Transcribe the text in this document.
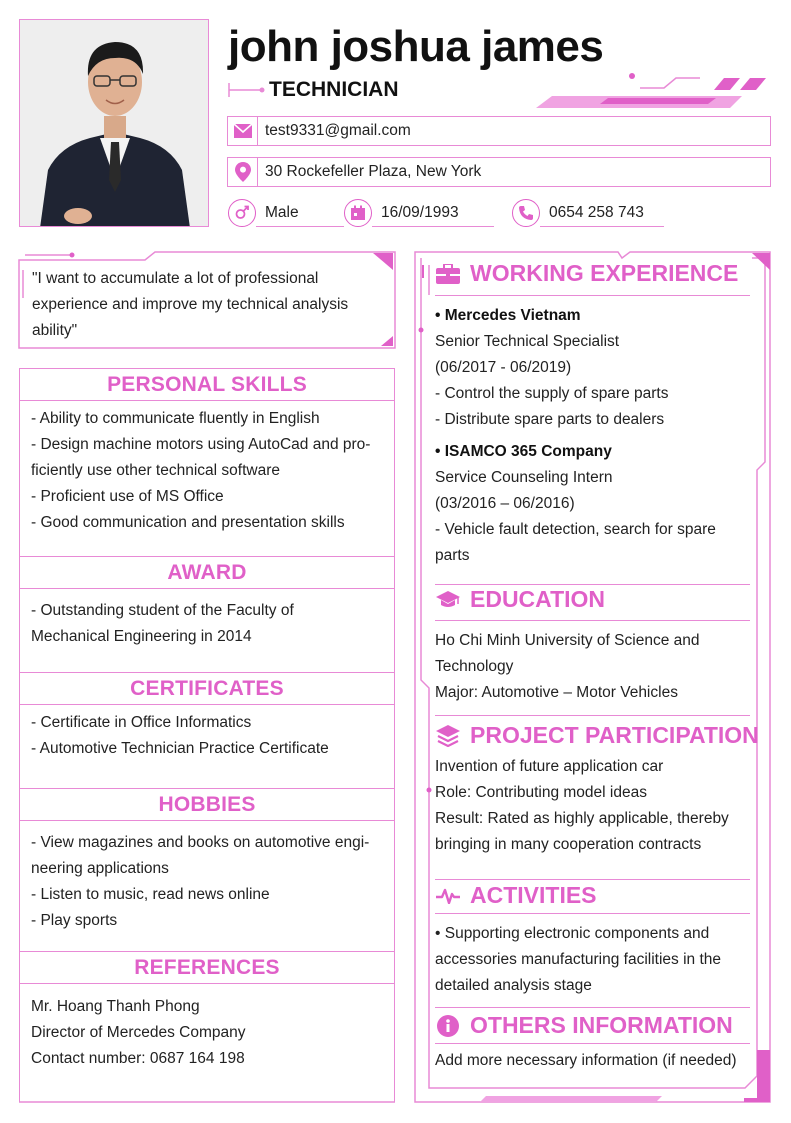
john joshua james
TECHNICIAN
test9331@gmail.com
30 Rockefeller Plaza, New York
Male	16/09/1993	0654 258 743

"I want to accumulate a lot of professional

experience and improve my technical analysis

ability"

PERSONAL SKILLS

- Ability to communicate fluently in English

- Design machine motors using AutoCad and pro-

ficiently use other technical software

- Proficient use of MS Office

- Good communication and presentation skills

AWARD

- Outstanding student of the Faculty of

Mechanical Engineering in 2014

CERTIFICATES

- Certificate in Office Informatics

- Automotive Technician Practice Certificate

HOBBIES

- View magazines and books on automotive engi-

neering applications

- Listen to music, read news online

- Play sports

REFERENCES

Mr. Hoang Thanh Phong

Director of Mercedes Company

Contact number: 0687 164 198

WORKING EXPERIENCE

• Mercedes Vietnam

Senior Technical Specialist

(06/2017 - 06/2019)

- Control the supply of spare parts

- Distribute spare parts to dealers

• ISAMCO 365 Company

Service Counseling Intern

(03/2016 – 06/2016)

- Vehicle fault detection, search for spare

parts

EDUCATION

Ho Chi Minh University of Science and

Technology

Major: Automotive – Motor Vehicles

PROJECT PARTICIPATION

Invention of future application car

Role: Contributing model ideas

Result: Rated as highly applicable, thereby

bringing in many cooperation contracts

ACTIVITIES

• Supporting electronic components and

accessories manufacturing facilities in the

detailed analysis stage

OTHERS INFORMATION

Add more necessary information (if needed)
